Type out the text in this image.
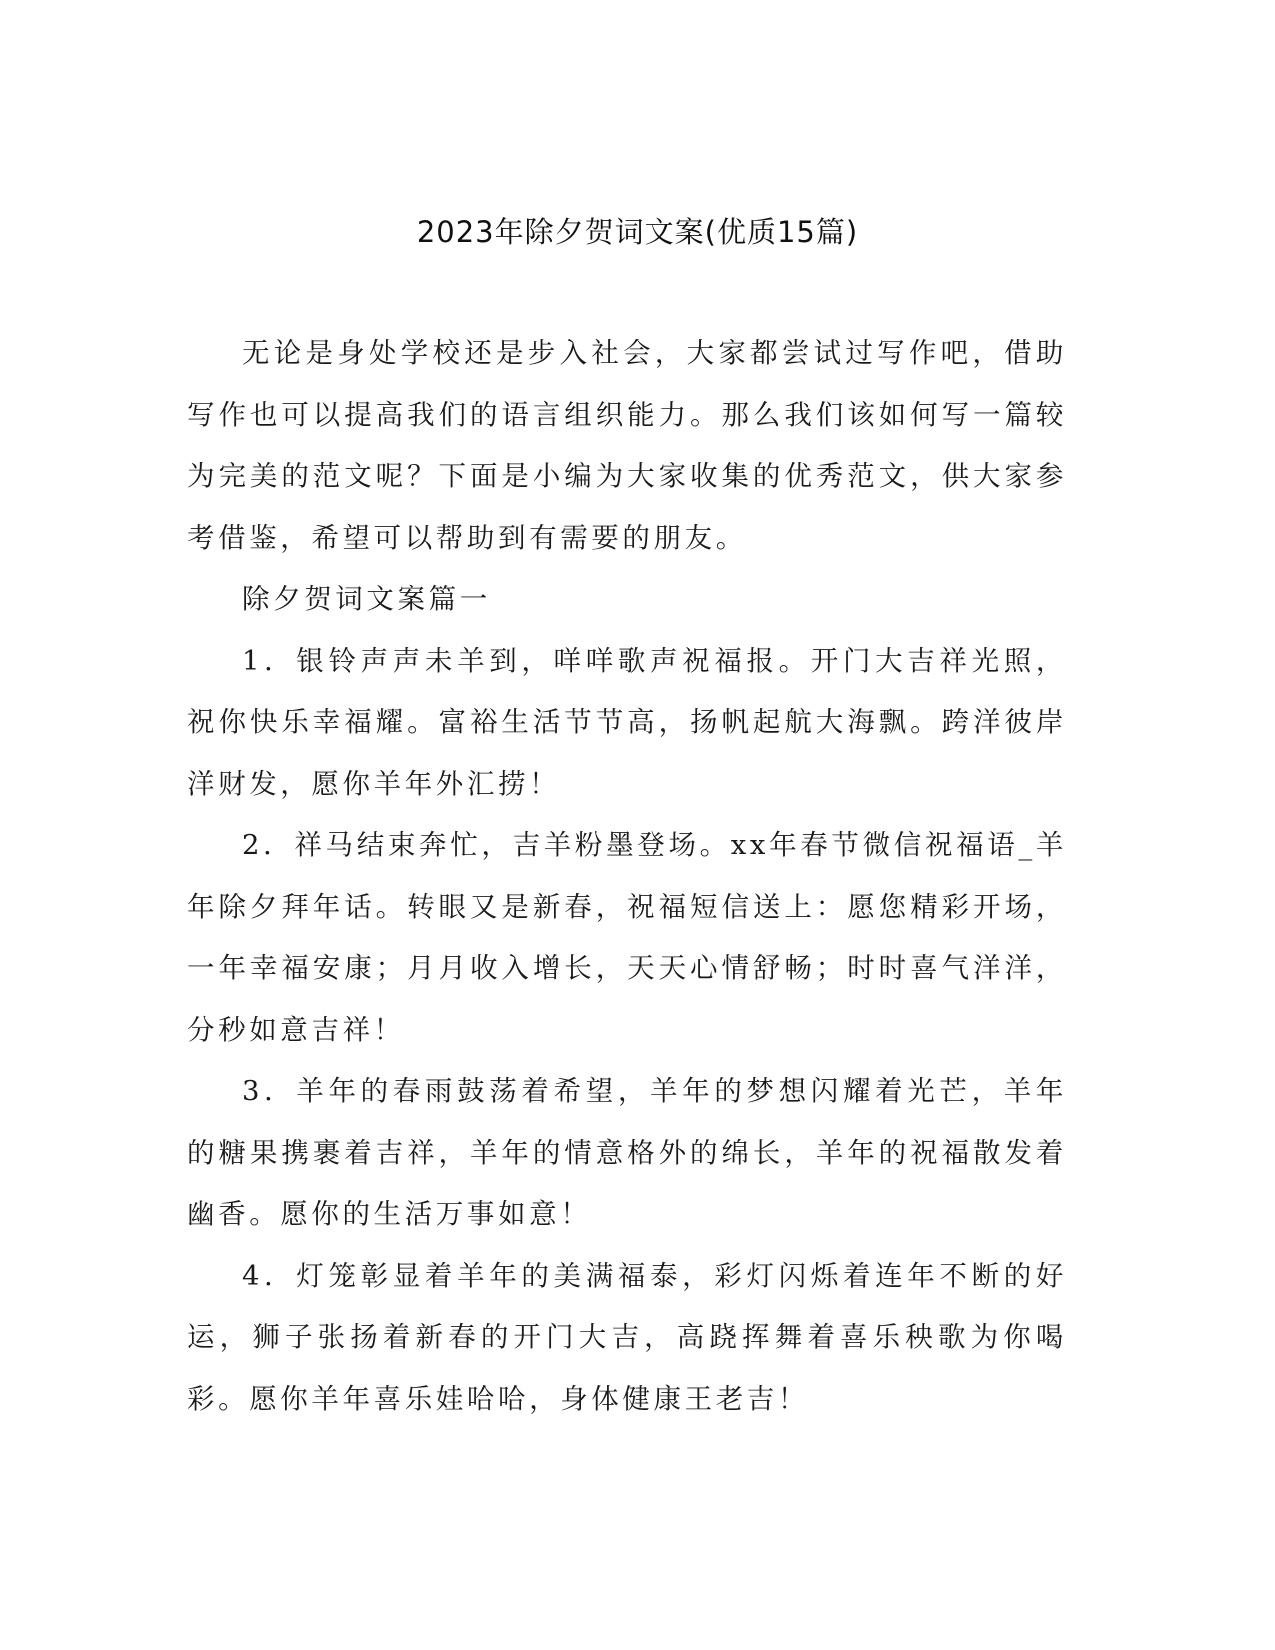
2023年除夕贺词文案(优质15篇)

无论是身处学校还是步入社会，大家都尝试过写作吧，借助写作也可以提高我们的语言组织能力。那么我们该如何写一篇较为完美的范文呢？下面是小编为大家收集的优秀范文，供大家参考借鉴，希望可以帮助到有需要的朋友。

除夕贺词文案篇一

1．银铃声声未羊到，咩咩歌声祝福报。开门大吉祥光照，祝你快乐幸福耀。富裕生活节节高，扬帆起航大海飘。跨洋彼岸洋财发，愿你羊年外汇捞！

2．祥马结束奔忙，吉羊粉墨登场。xx年春节微信祝福语_羊年除夕拜年话。转眼又是新春，祝福短信送上：愿您精彩开场，一年幸福安康；月月收入增长，天天心情舒畅；时时喜气洋洋，分秒如意吉祥！

3．羊年的春雨鼓荡着希望，羊年的梦想闪耀着光芒，羊年的糖果携裹着吉祥，羊年的情意格外的绵长，羊年的祝福散发着幽香。愿你的生活万事如意！

4．灯笼彰显着羊年的美满福泰，彩灯闪烁着连年不断的好运，狮子张扬着新春的开门大吉，高跷挥舞着喜乐秧歌为你喝彩。愿你羊年喜乐娃哈哈，身体健康王老吉！
